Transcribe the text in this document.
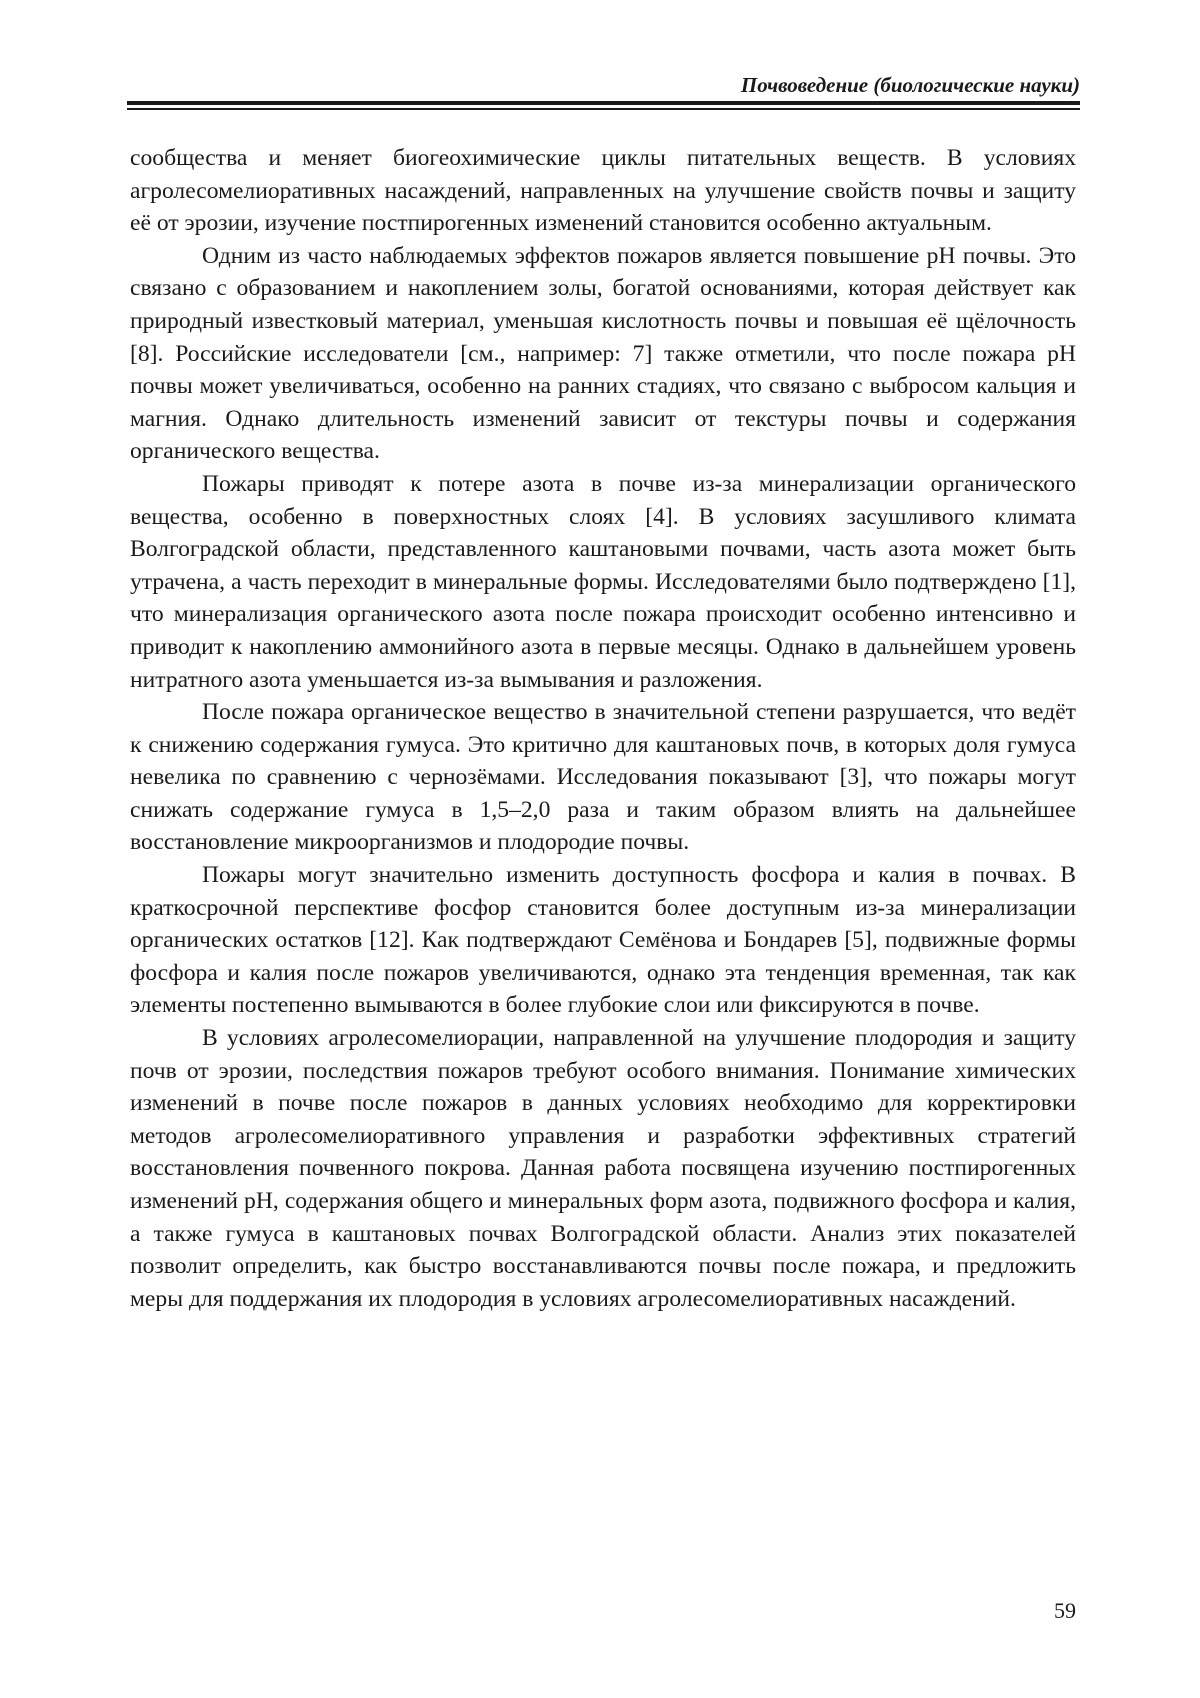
Почвоведение (биологические науки)

сообщества и меняет биогеохимические циклы питательных веществ. В условиях агролесомелиоративных насаждений, направленных на улучшение свойств почвы и защиту её от эрозии, изучение постпирогенных изменений становится особенно актуальным.

Одним из часто наблюдаемых эффектов пожаров является повышение рН почвы. Это связано с образованием и накоплением золы, богатой основаниями, которая действует как природный известковый материал, уменьшая кислотность почвы и повышая её щёлочность [8]. Российские исследователи [см., например: 7] также отметили, что после пожара pH почвы может увеличиваться, особенно на ранних стадиях, что связано с выбросом кальция и магния. Однако длительность изменений зависит от текстуры почвы и содержания органического вещества.

Пожары приводят к потере азота в почве из-за минерализации органического вещества, особенно в поверхностных слоях [4]. В условиях засушливого климата Волгоградской области, представленного каштановыми почвами, часть азота может быть утрачена, а часть переходит в минеральные формы. Исследователями было подтверждено [1], что минерализация органического азота после пожара происходит особенно интенсивно и приводит к накоплению аммонийного азота в первые месяцы. Однако в дальнейшем уровень нитратного азота уменьшается из-за вымывания и разложения.

После пожара органическое вещество в значительной степени разрушается, что ведёт к снижению содержания гумуса. Это критично для каштановых почв, в которых доля гумуса невелика по сравнению с чернозёмами. Исследования показывают [3], что пожары могут снижать содержание гумуса в 1,5–2,0 раза и таким образом влиять на дальнейшее восстановление микроорганизмов и плодородие почвы.

Пожары могут значительно изменить доступность фосфора и калия в почвах. В краткосрочной перспективе фосфор становится более доступным из-за минерализации органических остатков [12]. Как подтверждают Семёнова и Бондарев [5], подвижные формы фосфора и калия после пожаров увеличиваются, однако эта тенденция временная, так как элементы постепенно вымываются в более глубокие слои или фиксируются в почве.

В условиях агролесомелиорации, направленной на улучшение плодородия и защиту почв от эрозии, последствия пожаров требуют особого внимания. Понимание химических изменений в почве после пожаров в данных условиях необходимо для корректировки методов агролесомелиоративного управления и разработки эффективных стратегий восстановления почвенного покрова. Данная работа посвящена изучению постпирогенных изменений рН, содержания общего и минеральных форм азота, подвижного фосфора и калия, а также гумуса в каштановых почвах Волгоградской области. Анализ этих показателей позволит определить, как быстро восстанавливаются почвы после пожара, и предложить меры для поддержания их плодородия в условиях агролесомелиоративных насаждений.

59
